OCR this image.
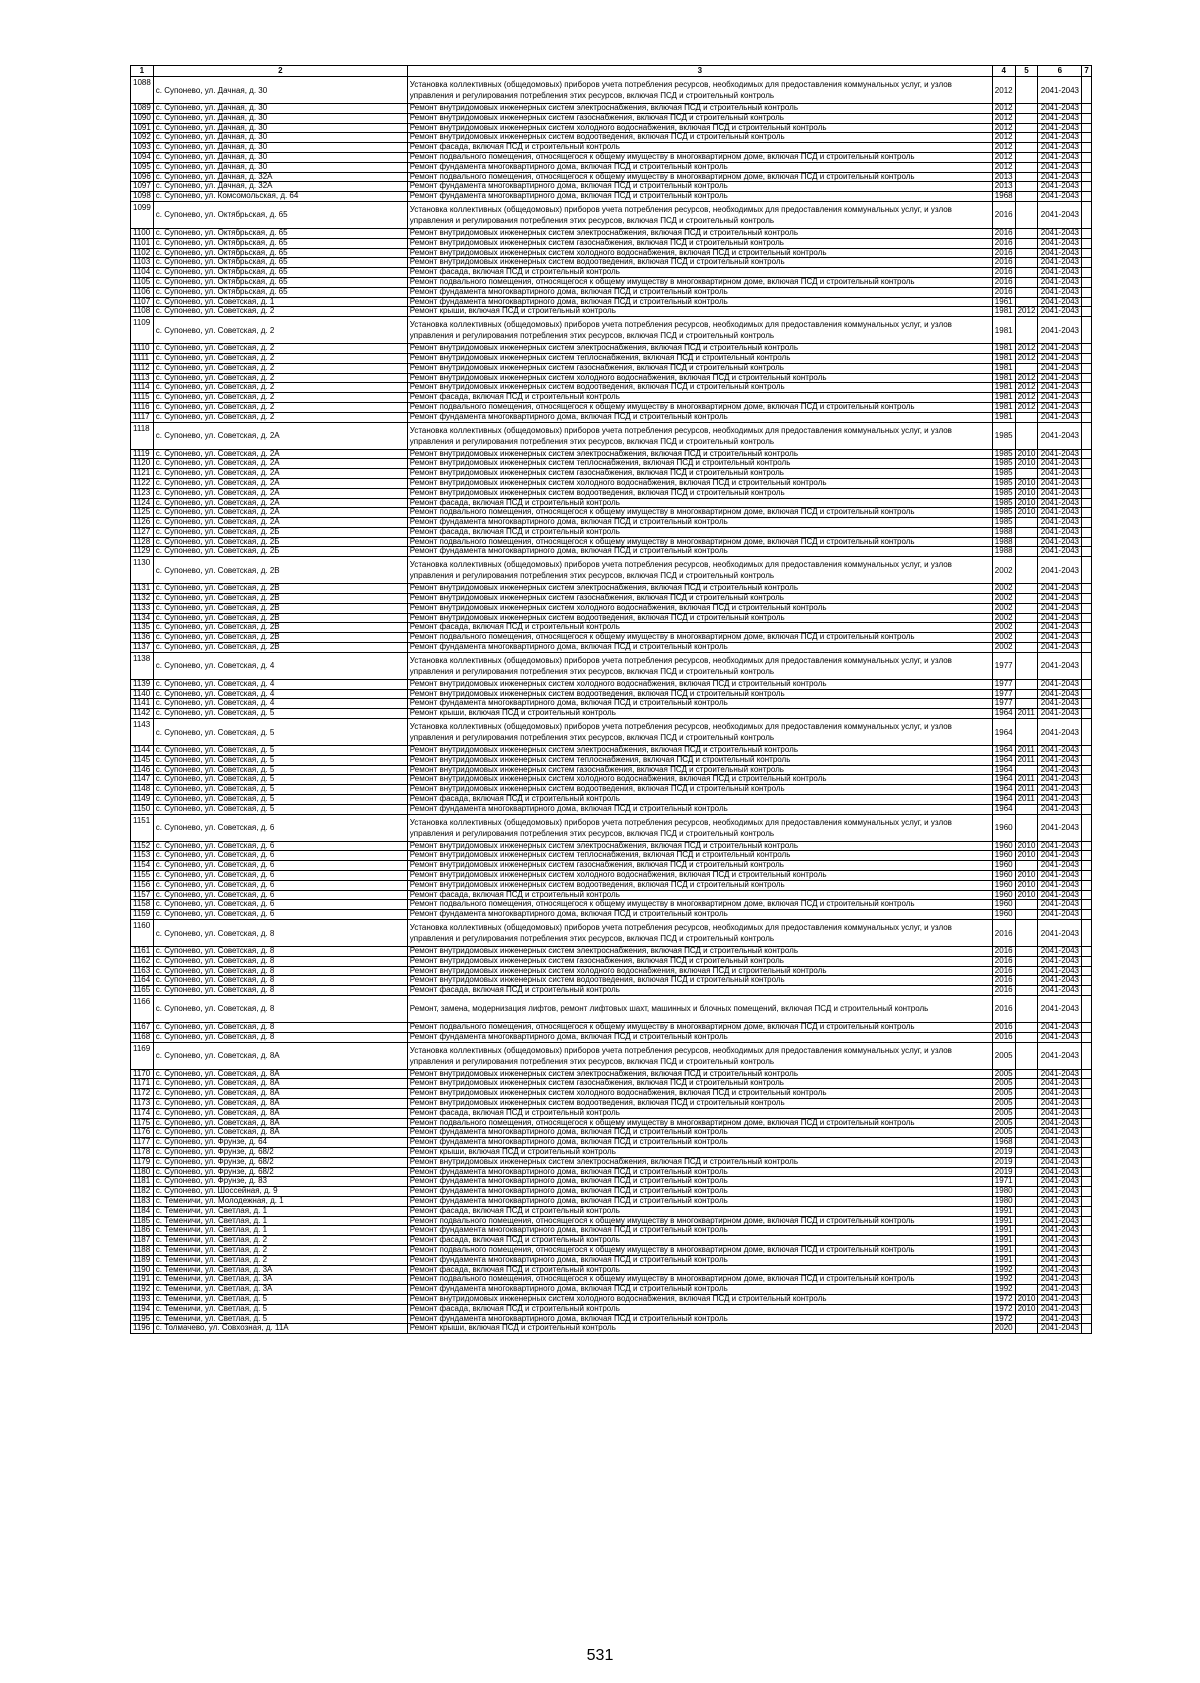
1	2	3	4	5	6	7
1088	с. Супонево, ул. Дачная, д. 30	Установка коллективных (общедомовых) приборов учета потребления ресурсов, необходимых для предоставления коммунальных услуг, и узлов управления и регулирования потребления этих ресурсов, включая ПСД и строительный контроль	2012		2041-2043	
1089	с. Супонево, ул. Дачная, д. 30	Ремонт внутридомовых инженерных систем электроснабжения, включая ПСД и строительный контроль	2012		2041-2043	
1090	с. Супонево, ул. Дачная, д. 30	Ремонт внутридомовых инженерных систем газоснабжения, включая ПСД и строительный контроль	2012		2041-2043	
1091	с. Супонево, ул. Дачная, д. 30	Ремонт внутридомовых инженерных систем холодного водоснабжения, включая ПСД и строительный контроль	2012		2041-2043	
1092	с. Супонево, ул. Дачная, д. 30	Ремонт внутридомовых инженерных систем водоотведения, включая ПСД и строительный контроль	2012		2041-2043	
1093	с. Супонево, ул. Дачная, д. 30	Ремонт фасада, включая ПСД и строительный контроль	2012		2041-2043	
1094	с. Супонево, ул. Дачная, д. 30	Ремонт подвального помещения, относящегося к общему имуществу в многоквартирном доме, включая ПСД и строительный контроль	2012		2041-2043	
1095	с. Супонево, ул. Дачная, д. 30	Ремонт фундамента многоквартирного дома, включая ПСД и строительный контроль	2012		2041-2043	
1096	с. Супонево, ул. Дачная, д. 32А	Ремонт подвального помещения, относящегося к общему имуществу в многоквартирном доме, включая ПСД и строительный контроль	2013		2041-2043	
1097	с. Супонево, ул. Дачная, д. 32А	Ремонт фундамента многоквартирного дома, включая ПСД и строительный контроль	2013		2041-2043	
1098	с. Супонево, ул. Комсомольская, д. 64	Ремонт фундамента многоквартирного дома, включая ПСД и строительный контроль	1968		2041-2043	
1099	с. Супонево, ул. Октябрьская, д. 65	Установка коллективных (общедомовых) приборов учета потребления ресурсов, необходимых для предоставления коммунальных услуг, и узлов управления и регулирования потребления этих ресурсов, включая ПСД и строительный контроль	2016		2041-2043	
1100	с. Супонево, ул. Октябрьская, д. 65	Ремонт внутридомовых инженерных систем электроснабжения, включая ПСД и строительный контроль	2016		2041-2043	
1101	с. Супонево, ул. Октябрьская, д. 65	Ремонт внутридомовых инженерных систем газоснабжения, включая ПСД и строительный контроль	2016		2041-2043	
1102	с. Супонево, ул. Октябрьская, д. 65	Ремонт внутридомовых инженерных систем холодного водоснабжения, включая ПСД и строительный контроль	2016		2041-2043	
1103	с. Супонево, ул. Октябрьская, д. 65	Ремонт внутридомовых инженерных систем водоотведения, включая ПСД и строительный контроль	2016		2041-2043	
1104	с. Супонево, ул. Октябрьская, д. 65	Ремонт фасада, включая ПСД и строительный контроль	2016		2041-2043	
1105	с. Супонево, ул. Октябрьская, д. 65	Ремонт подвального помещения, относящегося к общему имуществу в многоквартирном доме, включая ПСД и строительный контроль	2016		2041-2043	
1106	с. Супонево, ул. Октябрьская, д. 65	Ремонт фундамента многоквартирного дома, включая ПСД и строительный контроль	2016		2041-2043	
1107	с. Супонево, ул. Советская, д. 1	Ремонт фундамента многоквартирного дома, включая ПСД и строительный контроль	1961		2041-2043	
1108	с. Супонево, ул. Советская, д. 2	Ремонт крыши, включая ПСД и строительный контроль	1981	2012	2041-2043	
1109	с. Супонево, ул. Советская, д. 2	Установка коллективных (общедомовых) приборов учета потребления ресурсов, необходимых для предоставления коммунальных услуг, и узлов управления и регулирования потребления этих ресурсов, включая ПСД и строительный контроль	1981		2041-2043	
1110	с. Супонево, ул. Советская, д. 2	Ремонт внутридомовых инженерных систем электроснабжения, включая ПСД и строительный контроль	1981	2012	2041-2043	
1111	с. Супонево, ул. Советская, д. 2	Ремонт внутридомовых инженерных систем теплоснабжения, включая ПСД и строительный контроль	1981	2012	2041-2043	
1112	с. Супонево, ул. Советская, д. 2	Ремонт внутридомовых инженерных систем газоснабжения, включая ПСД и строительный контроль	1981		2041-2043	
1113	с. Супонево, ул. Советская, д. 2	Ремонт внутридомовых инженерных систем холодного водоснабжения, включая ПСД и строительный контроль	1981	2012	2041-2043	
1114	с. Супонево, ул. Советская, д. 2	Ремонт внутридомовых инженерных систем водоотведения, включая ПСД и строительный контроль	1981	2012	2041-2043	
1115	с. Супонево, ул. Советская, д. 2	Ремонт фасада, включая ПСД и строительный контроль	1981	2012	2041-2043	
1116	с. Супонево, ул. Советская, д. 2	Ремонт подвального помещения, относящегося к общему имуществу в многоквартирном доме, включая ПСД и строительный контроль	1981	2012	2041-2043	
1117	с. Супонево, ул. Советская, д. 2	Ремонт фундамента многоквартирного дома, включая ПСД и строительный контроль	1981		2041-2043	
1118	с. Супонево, ул. Советская, д. 2А	Установка коллективных (общедомовых) приборов учета потребления ресурсов, необходимых для предоставления коммунальных услуг, и узлов управления и регулирования потребления этих ресурсов, включая ПСД и строительный контроль	1985		2041-2043	
1119	с. Супонево, ул. Советская, д. 2А	Ремонт внутридомовых инженерных систем электроснабжения, включая ПСД и строительный контроль	1985	2010	2041-2043	
1120	с. Супонево, ул. Советская, д. 2А	Ремонт внутридомовых инженерных систем теплоснабжения, включая ПСД и строительный контроль	1985	2010	2041-2043	
1121	с. Супонево, ул. Советская, д. 2А	Ремонт внутридомовых инженерных систем газоснабжения, включая ПСД и строительный контроль	1985		2041-2043	
1122	с. Супонево, ул. Советская, д. 2А	Ремонт внутридомовых инженерных систем холодного водоснабжения, включая ПСД и строительный контроль	1985	2010	2041-2043	
1123	с. Супонево, ул. Советская, д. 2А	Ремонт внутридомовых инженерных систем водоотведения, включая ПСД и строительный контроль	1985	2010	2041-2043	
1124	с. Супонево, ул. Советская, д. 2А	Ремонт фасада, включая ПСД и строительный контроль	1985	2010	2041-2043	
1125	с. Супонево, ул. Советская, д. 2А	Ремонт подвального помещения, относящегося к общему имуществу в многоквартирном доме, включая ПСД и строительный контроль	1985	2010	2041-2043	
1126	с. Супонево, ул. Советская, д. 2А	Ремонт фундамента многоквартирного дома, включая ПСД и строительный контроль	1985		2041-2043	
1127	с. Супонево, ул. Советская, д. 2Б	Ремонт фасада, включая ПСД и строительный контроль	1988		2041-2043	
1128	с. Супонево, ул. Советская, д. 2Б	Ремонт подвального помещения, относящегося к общему имуществу в многоквартирном доме, включая ПСД и строительный контроль	1988		2041-2043	
1129	с. Супонево, ул. Советская, д. 2Б	Ремонт фундамента многоквартирного дома, включая ПСД и строительный контроль	1988		2041-2043	
1130	с. Супонево, ул. Советская, д. 2В	Установка коллективных (общедомовых) приборов учета потребления ресурсов, необходимых для предоставления коммунальных услуг, и узлов управления и регулирования потребления этих ресурсов, включая ПСД и строительный контроль	2002		2041-2043	
1131	с. Супонево, ул. Советская, д. 2В	Ремонт внутридомовых инженерных систем электроснабжения, включая ПСД и строительный контроль	2002		2041-2043	
1132	с. Супонево, ул. Советская, д. 2В	Ремонт внутридомовых инженерных систем газоснабжения, включая ПСД и строительный контроль	2002		2041-2043	
1133	с. Супонево, ул. Советская, д. 2В	Ремонт внутридомовых инженерных систем холодного водоснабжения, включая ПСД и строительный контроль	2002		2041-2043	
1134	с. Супонево, ул. Советская, д. 2В	Ремонт внутридомовых инженерных систем водоотведения, включая ПСД и строительный контроль	2002		2041-2043	
1135	с. Супонево, ул. Советская, д. 2В	Ремонт фасада, включая ПСД и строительный контроль	2002		2041-2043	
1136	с. Супонево, ул. Советская, д. 2В	Ремонт подвального помещения, относящегося к общему имуществу в многоквартирном доме, включая ПСД и строительный контроль	2002		2041-2043	
1137	с. Супонево, ул. Советская, д. 2В	Ремонт фундамента многоквартирного дома, включая ПСД и строительный контроль	2002		2041-2043	
1138	с. Супонево, ул. Советская, д. 4	Установка коллективных (общедомовых) приборов учета потребления ресурсов, необходимых для предоставления коммунальных услуг, и узлов управления и регулирования потребления этих ресурсов, включая ПСД и строительный контроль	1977		2041-2043	
1139	с. Супонево, ул. Советская, д. 4	Ремонт внутридомовых инженерных систем холодного водоснабжения, включая ПСД и строительный контроль	1977		2041-2043	
1140	с. Супонево, ул. Советская, д. 4	Ремонт внутридомовых инженерных систем водоотведения, включая ПСД и строительный контроль	1977		2041-2043	
1141	с. Супонево, ул. Советская, д. 4	Ремонт фундамента многоквартирного дома, включая ПСД и строительный контроль	1977		2041-2043	
1142	с. Супонево, ул. Советская, д. 5	Ремонт крыши, включая ПСД и строительный контроль	1964	2011	2041-2043	
1143	с. Супонево, ул. Советская, д. 5	Установка коллективных (общедомовых) приборов учета потребления ресурсов, необходимых для предоставления коммунальных услуг, и узлов управления и регулирования потребления этих ресурсов, включая ПСД и строительный контроль	1964		2041-2043	
1144	с. Супонево, ул. Советская, д. 5	Ремонт внутридомовых инженерных систем электроснабжения, включая ПСД и строительный контроль	1964	2011	2041-2043	
1145	с. Супонево, ул. Советская, д. 5	Ремонт внутридомовых инженерных систем теплоснабжения, включая ПСД и строительный контроль	1964	2011	2041-2043	
1146	с. Супонево, ул. Советская, д. 5	Ремонт внутридомовых инженерных систем газоснабжения, включая ПСД и строительный контроль	1964		2041-2043	
1147	с. Супонево, ул. Советская, д. 5	Ремонт внутридомовых инженерных систем холодного водоснабжения, включая ПСД и строительный контроль	1964	2011	2041-2043	
1148	с. Супонево, ул. Советская, д. 5	Ремонт внутридомовых инженерных систем водоотведения, включая ПСД и строительный контроль	1964	2011	2041-2043	
1149	с. Супонево, ул. Советская, д. 5	Ремонт фасада, включая ПСД и строительный контроль	1964	2011	2041-2043	
1150	с. Супонево, ул. Советская, д. 5	Ремонт фундамента многоквартирного дома, включая ПСД и строительный контроль	1964		2041-2043	
1151	с. Супонево, ул. Советская, д. 6	Установка коллективных (общедомовых) приборов учета потребления ресурсов, необходимых для предоставления коммунальных услуг, и узлов управления и регулирования потребления этих ресурсов, включая ПСД и строительный контроль	1960		2041-2043	
1152	с. Супонево, ул. Советская, д. 6	Ремонт внутридомовых инженерных систем электроснабжения, включая ПСД и строительный контроль	1960	2010	2041-2043	
1153	с. Супонево, ул. Советская, д. 6	Ремонт внутридомовых инженерных систем теплоснабжения, включая ПСД и строительный контроль	1960	2010	2041-2043	
1154	с. Супонево, ул. Советская, д. 6	Ремонт внутридомовых инженерных систем газоснабжения, включая ПСД и строительный контроль	1960		2041-2043	
1155	с. Супонево, ул. Советская, д. 6	Ремонт внутридомовых инженерных систем холодного водоснабжения, включая ПСД и строительный контроль	1960	2010	2041-2043	
1156	с. Супонево, ул. Советская, д. 6	Ремонт внутридомовых инженерных систем водоотведения, включая ПСД и строительный контроль	1960	2010	2041-2043	
1157	с. Супонево, ул. Советская, д. 6	Ремонт фасада, включая ПСД и строительный контроль	1960	2010	2041-2043	
1158	с. Супонево, ул. Советская, д. 6	Ремонт подвального помещения, относящегося к общему имуществу в многоквартирном доме, включая ПСД и строительный контроль	1960		2041-2043	
1159	с. Супонево, ул. Советская, д. 6	Ремонт фундамента многоквартирного дома, включая ПСД и строительный контроль	1960		2041-2043	
1160	с. Супонево, ул. Советская, д. 8	Установка коллективных (общедомовых) приборов учета потребления ресурсов, необходимых для предоставления коммунальных услуг, и узлов управления и регулирования потребления этих ресурсов, включая ПСД и строительный контроль	2016		2041-2043	
1161	с. Супонево, ул. Советская, д. 8	Ремонт внутридомовых инженерных систем электроснабжения, включая ПСД и строительный контроль	2016		2041-2043	
1162	с. Супонево, ул. Советская, д. 8	Ремонт внутридомовых инженерных систем газоснабжения, включая ПСД и строительный контроль	2016		2041-2043	
1163	с. Супонево, ул. Советская, д. 8	Ремонт внутридомовых инженерных систем холодного водоснабжения, включая ПСД и строительный контроль	2016		2041-2043	
1164	с. Супонево, ул. Советская, д. 8	Ремонт внутридомовых инженерных систем водоотведения, включая ПСД и строительный контроль	2016		2041-2043	
1165	с. Супонево, ул. Советская, д. 8	Ремонт фасада, включая ПСД и строительный контроль	2016		2041-2043	
1166	с. Супонево, ул. Советская, д. 8	Ремонт, замена, модернизация лифтов, ремонт лифтовых шахт, машинных и блочных помещений, включая ПСД и строительный контроль	2016		2041-2043	
1167	с. Супонево, ул. Советская, д. 8	Ремонт подвального помещения, относящегося к общему имуществу в многоквартирном доме, включая ПСД и строительный контроль	2016		2041-2043	
1168	с. Супонево, ул. Советская, д. 8	Ремонт фундамента многоквартирного дома, включая ПСД и строительный контроль	2016		2041-2043	
1169	с. Супонево, ул. Советская, д. 8А	Установка коллективных (общедомовых) приборов учета потребления ресурсов, необходимых для предоставления коммунальных услуг, и узлов управления и регулирования потребления этих ресурсов, включая ПСД и строительный контроль	2005		2041-2043	
1170	с. Супонево, ул. Советская, д. 8А	Ремонт внутридомовых инженерных систем электроснабжения, включая ПСД и строительный контроль	2005		2041-2043	
1171	с. Супонево, ул. Советская, д. 8А	Ремонт внутридомовых инженерных систем газоснабжения, включая ПСД и строительный контроль	2005		2041-2043	
1172	с. Супонево, ул. Советская, д. 8А	Ремонт внутридомовых инженерных систем холодного водоснабжения, включая ПСД и строительный контроль	2005		2041-2043	
1173	с. Супонево, ул. Советская, д. 8А	Ремонт внутридомовых инженерных систем водоотведения, включая ПСД и строительный контроль	2005		2041-2043	
1174	с. Супонево, ул. Советская, д. 8А	Ремонт фасада, включая ПСД и строительный контроль	2005		2041-2043	
1175	с. Супонево, ул. Советская, д. 8А	Ремонт подвального помещения, относящегося к общему имуществу в многоквартирном доме, включая ПСД и строительный контроль	2005		2041-2043	
1176	с. Супонево, ул. Советская, д. 8А	Ремонт фундамента многоквартирного дома, включая ПСД и строительный контроль	2005		2041-2043	
1177	с. Супонево, ул. Фрунзе, д. 64	Ремонт фундамента многоквартирного дома, включая ПСД и строительный контроль	1968		2041-2043	
1178	с. Супонево, ул. Фрунзе, д. 68/2	Ремонт крыши, включая ПСД и строительный контроль	2019		2041-2043	
1179	с. Супонево, ул. Фрунзе, д. 68/2	Ремонт внутридомовых инженерных систем электроснабжения, включая ПСД и строительный контроль	2019		2041-2043	
1180	с. Супонево, ул. Фрунзе, д. 68/2	Ремонт фундамента многоквартирного дома, включая ПСД и строительный контроль	2019		2041-2043	
1181	с. Супонево, ул. Фрунзе, д. 83	Ремонт фундамента многоквартирного дома, включая ПСД и строительный контроль	1971		2041-2043	
1182	с. Супонево, ул. Шоссейная, д. 9	Ремонт фундамента многоквартирного дома, включая ПСД и строительный контроль	1980		2041-2043	
1183	с. Теменичи, ул. Молодежная, д. 1	Ремонт фундамента многоквартирного дома, включая ПСД и строительный контроль	1980		2041-2043	
1184	с. Теменичи, ул. Светлая, д. 1	Ремонт фасада, включая ПСД и строительный контроль	1991		2041-2043	
1185	с. Теменичи, ул. Светлая, д. 1	Ремонт подвального помещения, относящегося к общему имуществу в многоквартирном доме, включая ПСД и строительный контроль	1991		2041-2043	
1186	с. Теменичи, ул. Светлая, д. 1	Ремонт фундамента многоквартирного дома, включая ПСД и строительный контроль	1991		2041-2043	
1187	с. Теменичи, ул. Светлая, д. 2	Ремонт фасада, включая ПСД и строительный контроль	1991		2041-2043	
1188	с. Теменичи, ул. Светлая, д. 2	Ремонт подвального помещения, относящегося к общему имуществу в многоквартирном доме, включая ПСД и строительный контроль	1991		2041-2043	
1189	с. Теменичи, ул. Светлая, д. 2	Ремонт фундамента многоквартирного дома, включая ПСД и строительный контроль	1991		2041-2043	
1190	с. Теменичи, ул. Светлая, д. 3А	Ремонт фасада, включая ПСД и строительный контроль	1992		2041-2043	
1191	с. Теменичи, ул. Светлая, д. 3А	Ремонт подвального помещения, относящегося к общему имуществу в многоквартирном доме, включая ПСД и строительный контроль	1992		2041-2043	
1192	с. Теменичи, ул. Светлая, д. 3А	Ремонт фундамента многоквартирного дома, включая ПСД и строительный контроль	1992		2041-2043	
1193	с. Теменичи, ул. Светлая, д. 5	Ремонт внутридомовых инженерных систем холодного водоснабжения, включая ПСД и строительный контроль	1972	2010	2041-2043	
1194	с. Теменичи, ул. Светлая, д. 5	Ремонт фасада, включая ПСД и строительный контроль	1972	2010	2041-2043	
1195	с. Теменичи, ул. Светлая, д. 5	Ремонт фундамента многоквартирного дома, включая ПСД и строительный контроль	1972		2041-2043	
1196	с. Толмачево, ул. Совхозная, д. 11А	Ремонт крыши, включая ПСД и строительный контроль	2020		2041-2043	
531
